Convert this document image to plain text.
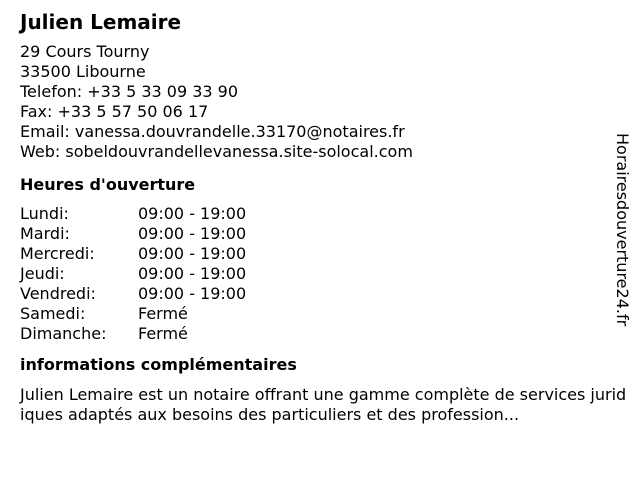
Julien Lemaire
29 Cours Tourny
33500 Libourne
Telefon: +33 5 33 09 33 90
Fax: +33 5 57 50 06 17
Email: vanessa.douvrandelle.33170@notaires.fr
Web: sobeldouvrandellevanessa.site-solocal.com
Heures d'ouverture
Lundi:	09:00 - 19:00
Mardi:	09:00 - 19:00
Mercredi:	09:00 - 19:00
Jeudi:	09:00 - 19:00
Vendredi:	09:00 - 19:00
Samedi:	Fermé
Dimanche: Fermé
informations complémentaires
Julien Lemaire est un notaire offrant une gamme complète de services juridiques adaptés aux besoins des particuliers et des profession...
Horairesdouverture24.fr
